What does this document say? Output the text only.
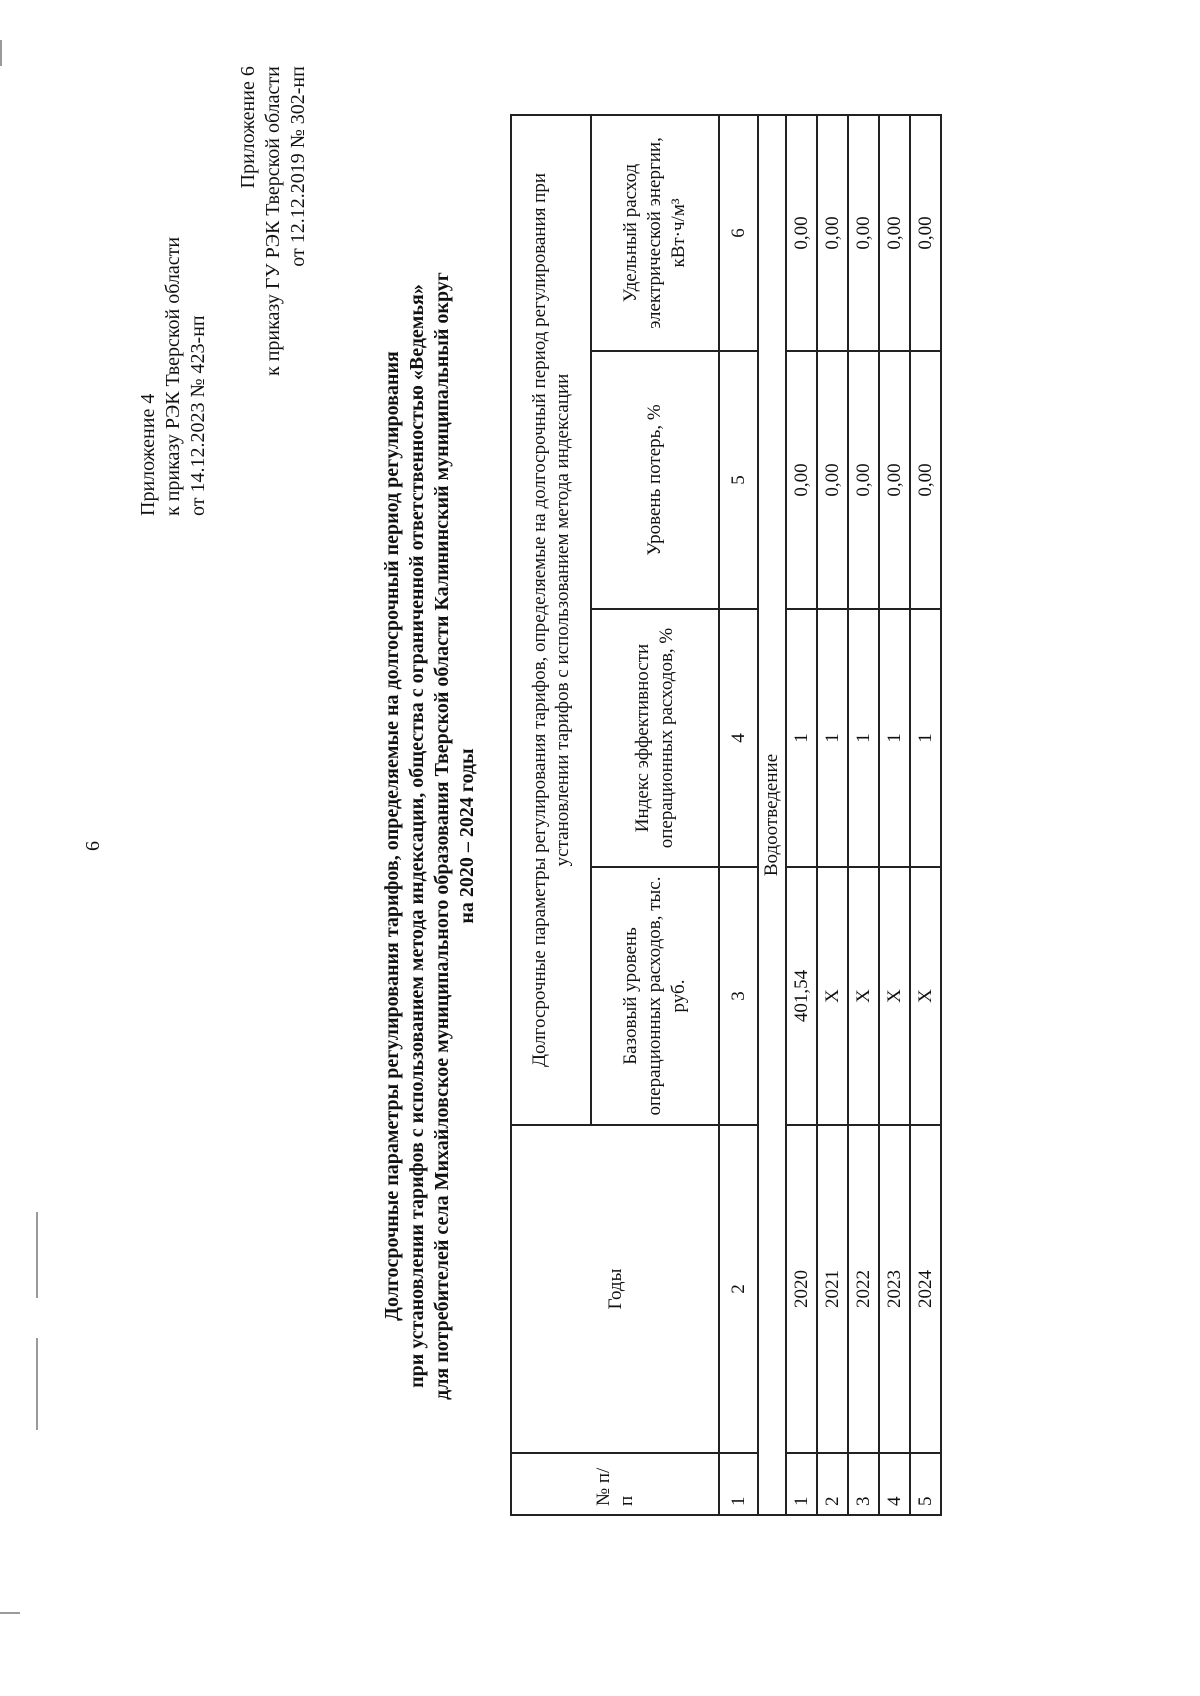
6
Приложение 4 к приказу РЭК Тверской области от 14.12.2023 № 423-нп
Приложение 6 к приказу ГУ РЭК Тверской области от 12.12.2019 № 302-нп
Долгосрочные параметры регулирования тарифов, определяемые на долгосрочный период регулирования при установлении тарифов с использованием метода индексации, общества с ограниченной ответственностью «Ведемья» для потребителей села Михайловское муниципального образования Тверской области Калининский муниципальный округ на 2020 – 2024 годы
№ п/п	Годы	Долгосрочные параметры регулирования тарифов, определяемые на долгосрочный период регулирования при установлении тарифов с использованием метода индексации			
		Базовый уровень операционных расходов, тыс. руб.	Индекс эффективности операционных расходов, %	Уровень потерь, %	Удельный расход электрической энергии, кВт·ч/м³
1	2	3	4	5	6
Водоотведение					
1	2020	401,54	1	0,00	0,00
2	2021	Х	1	0,00	0,00
3	2022	Х	1	0,00	0,00
4	2023	Х	1	0,00	0,00
5	2024	Х	1	0,00	0,00
